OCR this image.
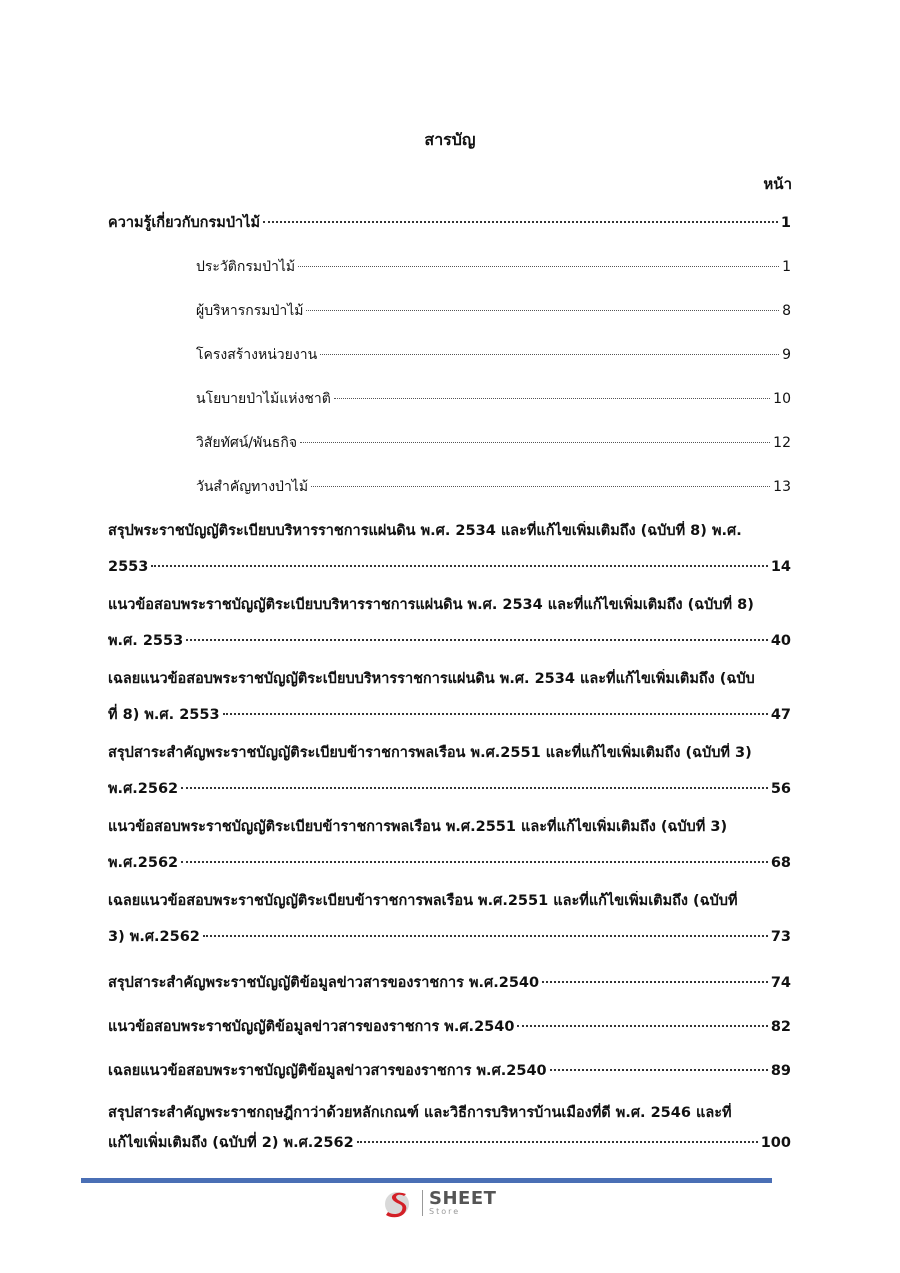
สารบัญ
หน้า
ความรู้เกี่ยวกับกรมป่าไม้	1
ประวัติกรมป่าไม้	1
ผู้บริหารกรมป่าไม้	8
โครงสร้างหน่วยงาน	9
นโยบายป่าไม้แห่งชาติ	10
วิสัยทัศน์/พันธกิจ	12
วันสำคัญทางป่าไม้	13
สรุปพระราชบัญญัติระเบียบบริหารราชการแผ่นดิน พ.ศ. 2534 และที่แก้ไขเพิ่มเติมถึง (ฉบับที่ 8) พ.ศ.
2553	14
แนวข้อสอบพระราชบัญญัติระเบียบบริหารราชการแผ่นดิน พ.ศ. 2534 และที่แก้ไขเพิ่มเติมถึง (ฉบับที่ 8)
พ.ศ. 2553	40
เฉลยแนวข้อสอบพระราชบัญญัติระเบียบบริหารราชการแผ่นดิน พ.ศ. 2534 และที่แก้ไขเพิ่มเติมถึง (ฉบับ
ที่ 8) พ.ศ. 2553	47
สรุปสาระสำคัญพระราชบัญญัติระเบียบข้าราชการพลเรือน พ.ศ.2551 และที่แก้ไขเพิ่มเติมถึง (ฉบับที่ 3)
พ.ศ.2562	56
แนวข้อสอบพระราชบัญญัติระเบียบข้าราชการพลเรือน พ.ศ.2551 และที่แก้ไขเพิ่มเติมถึง (ฉบับที่ 3)
พ.ศ.2562	68
เฉลยแนวข้อสอบพระราชบัญญัติระเบียบข้าราชการพลเรือน พ.ศ.2551 และที่แก้ไขเพิ่มเติมถึง (ฉบับที่
3) พ.ศ.2562	73
สรุปสาระสำคัญพระราชบัญญัติข้อมูลข่าวสารของราชการ พ.ศ.2540	74
แนวข้อสอบพระราชบัญญัติข้อมูลข่าวสารของราชการ พ.ศ.2540	82
เฉลยแนวข้อสอบพระราชบัญญัติข้อมูลข่าวสารของราชการ พ.ศ.2540	89
สรุปสาระสำคัญพระราชกฤษฎีกาว่าด้วยหลักเกณฑ์ และวิธีการบริหารบ้านเมืองที่ดี พ.ศ. 2546 และที่
แก้ไขเพิ่มเติมถึง (ฉบับที่ 2) พ.ศ.2562	100
SHEET
Store
